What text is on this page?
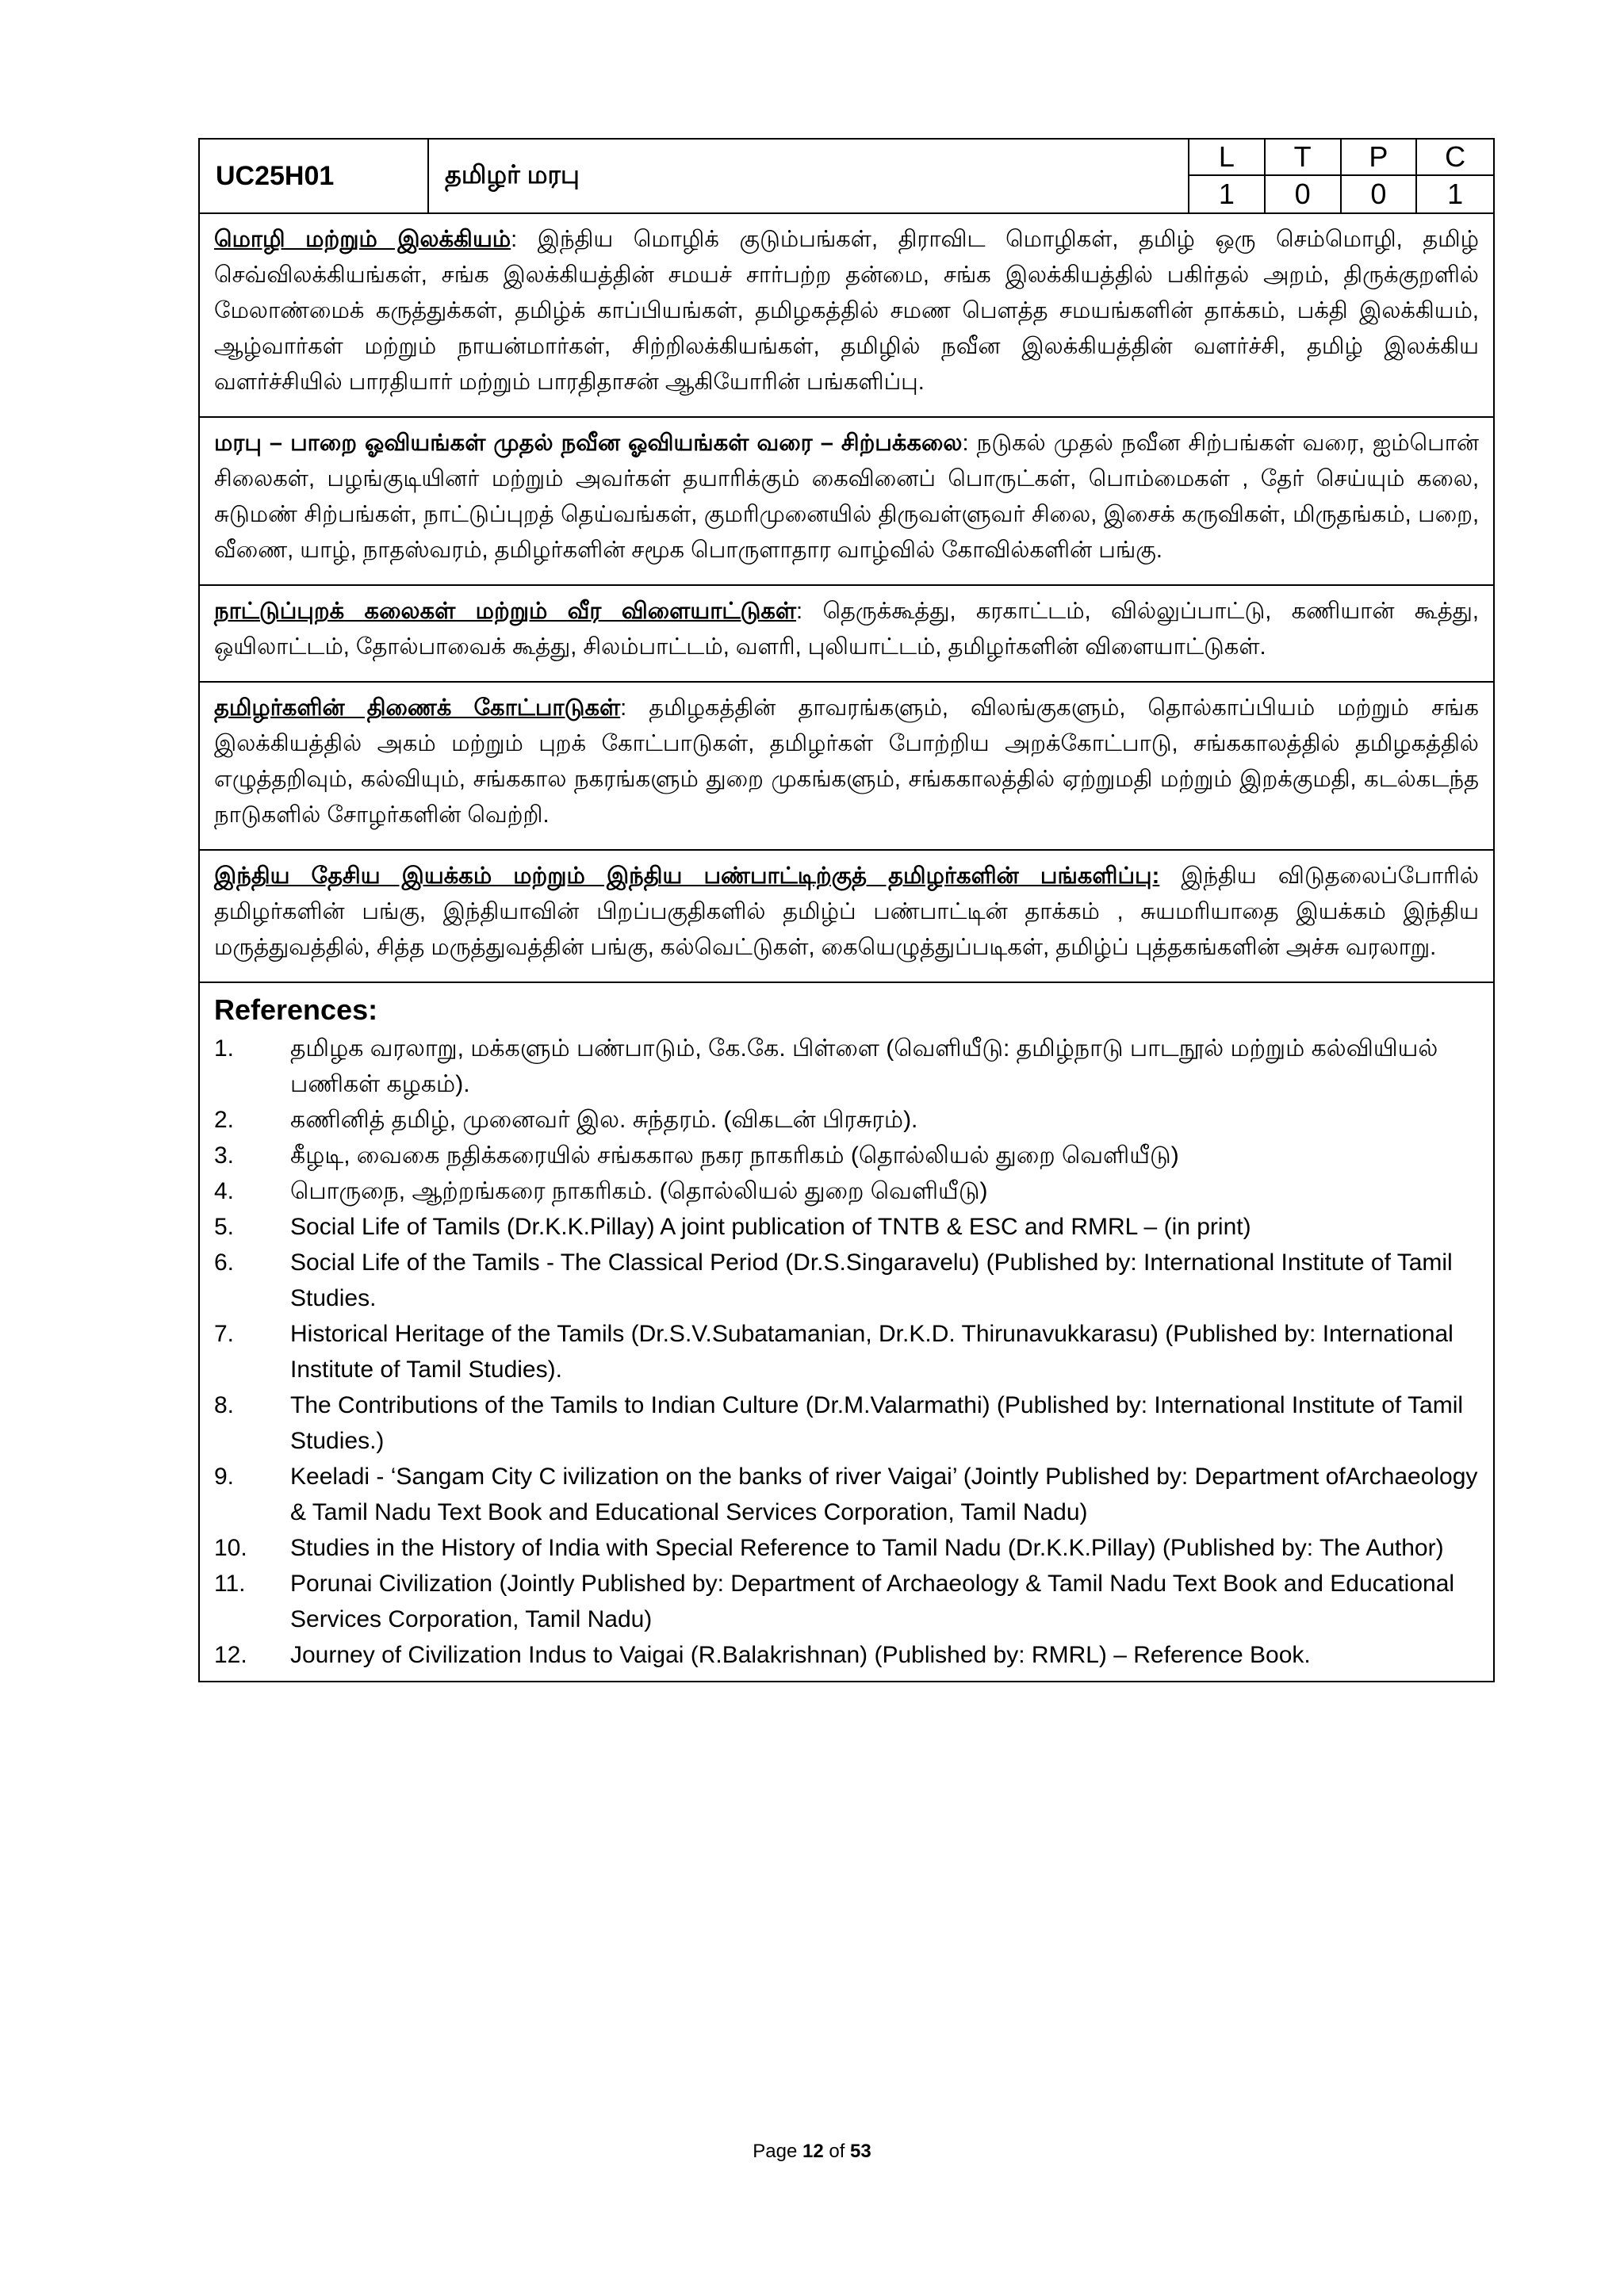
UC25H01	தமிழர் மரபு
L	T	P	C
1	0	0	1
மொழி மற்றும் இலக்கியம்: இந்திய மொழிக் குடும்பங்கள், திராவிட மொழிகள், தமிழ் ஒரு செம்மொழி, தமிழ் செவ்விலக்கியங்கள், சங்க இலக்கியத்தின் சமயச் சார்பற்ற தன்மை, சங்க இலக்கியத்தில் பகிர்தல் அறம், திருக்குறளில் மேலாண்மைக் கருத்துக்கள், தமிழ்க் காப்பியங்கள், தமிழகத்தில் சமண பௌத்த சமயங்களின் தாக்கம், பக்தி இலக்கியம், ஆழ்வார்கள் மற்றும் நாயன்மார்கள், சிற்றிலக்கியங்கள், தமிழில் நவீன இலக்கியத்தின் வளர்ச்சி, தமிழ் இலக்கிய வளர்ச்சியில் பாரதியார் மற்றும் பாரதிதாசன் ஆகியோரின் பங்களிப்பு.
மரபு – பாறை ஓவியங்கள் முதல் நவீன ஓவியங்கள் வரை – சிற்பக்கலை: நடுகல் முதல் நவீன சிற்பங்கள் வரை, ஐம்பொன் சிலைகள், பழங்குடியினர் மற்றும் அவர்கள் தயாரிக்கும் கைவினைப் பொருட்கள், பொம்மைகள் , தேர் செய்யும் கலை, சுடுமண் சிற்பங்கள், நாட்டுப்புறத் தெய்வங்கள், குமரிமுனையில் திருவள்ளுவர் சிலை, இசைக் கருவிகள், மிருதங்கம், பறை, வீணை, யாழ், நாதஸ்வரம், தமிழர்களின் சமூக பொருளாதார வாழ்வில் கோவில்களின் பங்கு.
நாட்டுப்புறக் கலைகள் மற்றும் வீர விளையாட்டுகள்: தெருக்கூத்து, கரகாட்டம், வில்லுப்பாட்டு, கணியான் கூத்து, ஒயிலாட்டம், தோல்பாவைக் கூத்து, சிலம்பாட்டம், வளரி, புலியாட்டம், தமிழர்களின் விளையாட்டுகள்.
தமிழர்களின் திணைக் கோட்பாடுகள்: தமிழகத்தின் தாவரங்களும், விலங்குகளும், தொல்காப்பியம் மற்றும் சங்க இலக்கியத்தில் அகம் மற்றும் புறக் கோட்பாடுகள், தமிழர்கள் போற்றிய அறக்கோட்பாடு, சங்ககாலத்தில் தமிழகத்தில் எழுத்தறிவும், கல்வியும், சங்ககால நகரங்களும் துறை முகங்களும், சங்ககாலத்தில் ஏற்றுமதி மற்றும் இறக்குமதி, கடல்கடந்த நாடுகளில் சோழர்களின் வெற்றி.
இந்திய தேசிய இயக்கம் மற்றும் இந்திய பண்பாட்டிற்குத் தமிழர்களின் பங்களிப்பு: இந்திய விடுதலைப்போரில் தமிழர்களின் பங்கு, இந்தியாவின் பிறப்பகுதிகளில் தமிழ்ப் பண்பாட்டின் தாக்கம் , சுயமரியாதை இயக்கம் இந்திய மருத்துவத்தில், சித்த மருத்துவத்தின் பங்கு, கல்வெட்டுகள், கையெழுத்துப்படிகள், தமிழ்ப் புத்தகங்களின் அச்சு வரலாறு.
References:
1.	தமிழக வரலாறு, மக்களும் பண்பாடும், கே.கே. பிள்ளை (வெளியீடு: தமிழ்நாடு பாடநூல் மற்றும் கல்வியியல் பணிகள் கழகம்).
2.	கணினித் தமிழ், முனைவர் இல. சுந்தரம். (விகடன் பிரசுரம்).
3.	கீழடி, வைகை நதிக்கரையில் சங்ககால நகர நாகரிகம் (தொல்லியல் துறை வெளியீடு)
4.	பொருநை, ஆற்றங்கரை நாகரிகம். (தொல்லியல் துறை வெளியீடு)
5.	Social Life of Tamils (Dr.K.K.Pillay) A joint publication of TNTB & ESC and RMRL – (in print)
6.	Social Life of the Tamils - The Classical Period (Dr.S.Singaravelu) (Published by: International Institute of Tamil Studies.
7.	Historical Heritage of the Tamils (Dr.S.V.Subatamanian, Dr.K.D. Thirunavukkarasu) (Published by: International Institute of Tamil Studies).
8.	The Contributions of the Tamils to Indian Culture (Dr.M.Valarmathi) (Published by: International Institute of Tamil Studies.)
9.	Keeladi - ‘Sangam City C ivilization on the banks of river Vaigai’ (Jointly Published by: Department ofArchaeology & Tamil Nadu Text Book and Educational Services Corporation, Tamil Nadu)
10.	Studies in the History of India with Special Reference to Tamil Nadu (Dr.K.K.Pillay) (Published by: The Author)
11.	Porunai Civilization (Jointly Published by: Department of Archaeology & Tamil Nadu Text Book and Educational Services Corporation, Tamil Nadu)
12.	Journey of Civilization Indus to Vaigai (R.Balakrishnan) (Published by: RMRL) – Reference Book.
Page 12 of 53
